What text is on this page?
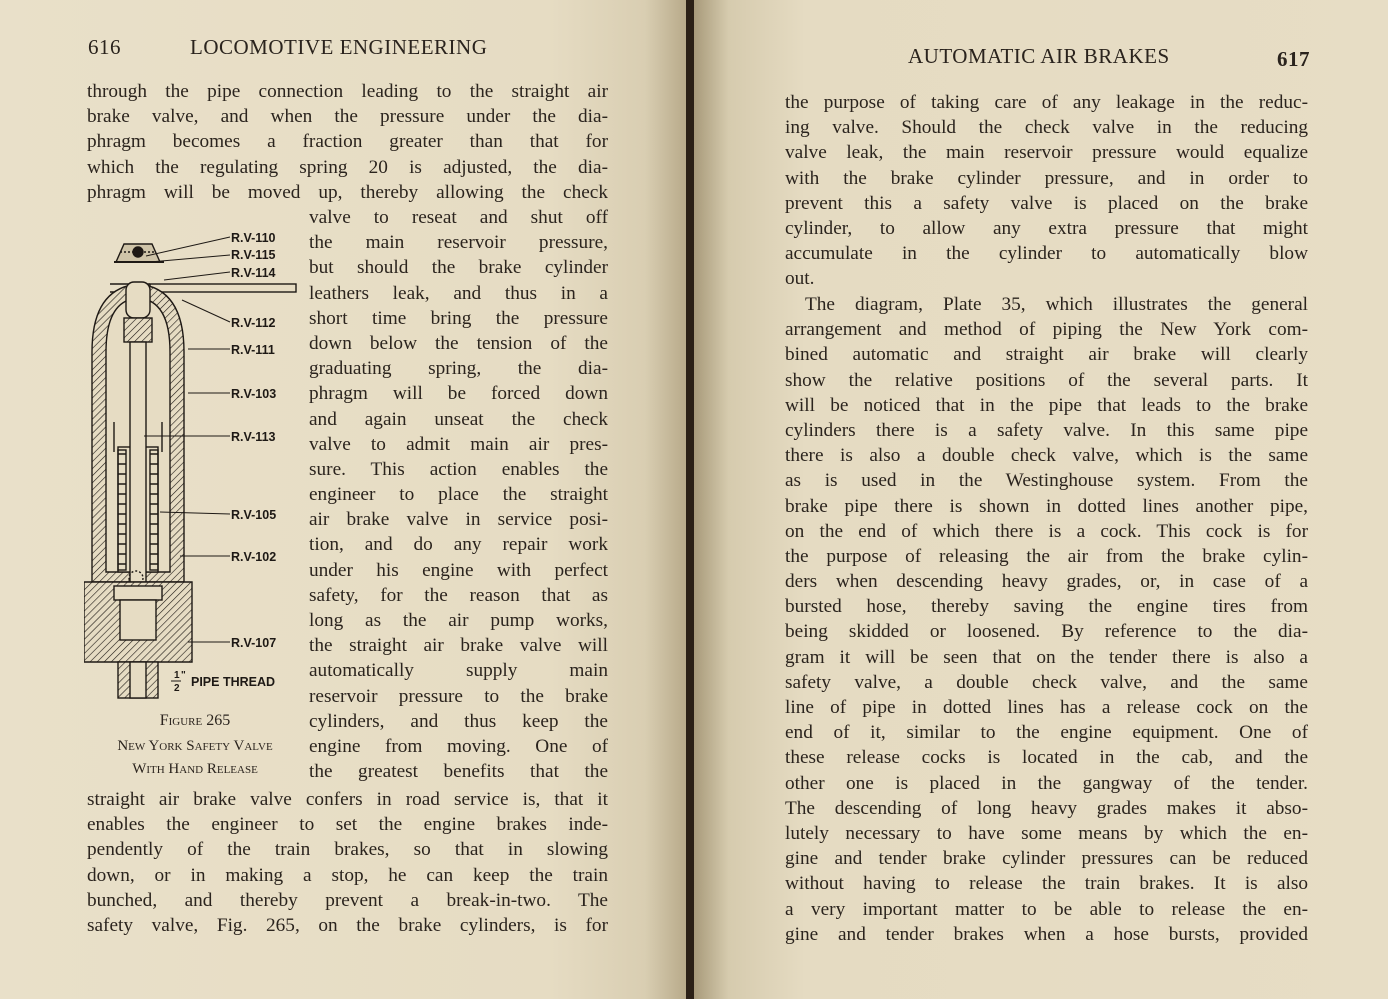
616	LOCOMOTIVE ENGINEERING
through the pipe connection leading to the straight air
brake valve, and when the pressure under the dia-
phragm becomes a fraction greater than that for
which the regulating spring 20 is adjusted, the dia-
phragm will be moved up, thereby allowing the check
valve to reseat and shut off
the main reservoir pressure,
but should the brake cylinder
leathers leak, and thus in a
short time bring the pressure
down below the tension of the
graduating spring, the dia-
phragm will be forced down
and again unseat the check
valve to admit main air pres-
sure. This action enables the
engineer to place the straight
air brake valve in service posi-
tion, and do any repair work
under his engine with perfect
safety, for the reason that as
long as the air pump works,
the straight air brake valve will
automatically supply main
reservoir pressure to the brake
cylinders, and thus keep the
engine from moving. One of
the greatest benefits that the
straight air brake valve confers in road service is, that it
enables the engineer to set the engine brakes inde-
pendently of the train brakes, so that in slowing
down, or in making a stop, he can keep the train
bunched, and thereby prevent a break-in-two. The
safety valve, Fig. 265, on the brake cylinders, is for
R.V-110
R.V-115
R.V-114
R.V-112
R.V-111
R.V-103
R.V-113
R.V-105
R.V-102
R.V-107
1
2
" PIPE THREAD
Figure 265
New York Safety Valve
With Hand Release
AUTOMATIC AIR BRAKES	617
the purpose of taking care of any leakage in the reduc-
ing valve. Should the check valve in the reducing
valve leak, the main reservoir pressure would equalize
with the brake cylinder pressure, and in order to
prevent this a safety valve is placed on the brake
cylinder, to allow any extra pressure that might
accumulate in the cylinder to automatically blow
out.
The diagram, Plate 35, which illustrates the general
arrangement and method of piping the New York com-
bined automatic and straight air brake will clearly
show the relative positions of the several parts. It
will be noticed that in the pipe that leads to the brake
cylinders there is a safety valve. In this same pipe
there is also a double check valve, which is the same
as is used in the Westinghouse system. From the
brake pipe there is shown in dotted lines another pipe,
on the end of which there is a cock. This cock is for
the purpose of releasing the air from the brake cylin-
ders when descending heavy grades, or, in case of a
bursted hose, thereby saving the engine tires from
being skidded or loosened. By reference to the dia-
gram it will be seen that on the tender there is also a
safety valve, a double check valve, and the same
line of pipe in dotted lines has a release cock on the
end of it, similar to the engine equipment. One of
these release cocks is located in the cab, and the
other one is placed in the gangway of the tender.
The descending of long heavy grades makes it abso-
lutely necessary to have some means by which the en-
gine and tender brake cylinder pressures can be reduced
without having to release the train brakes. It is also
a very important matter to be able to release the en-
gine and tender brakes when a hose bursts, provided
